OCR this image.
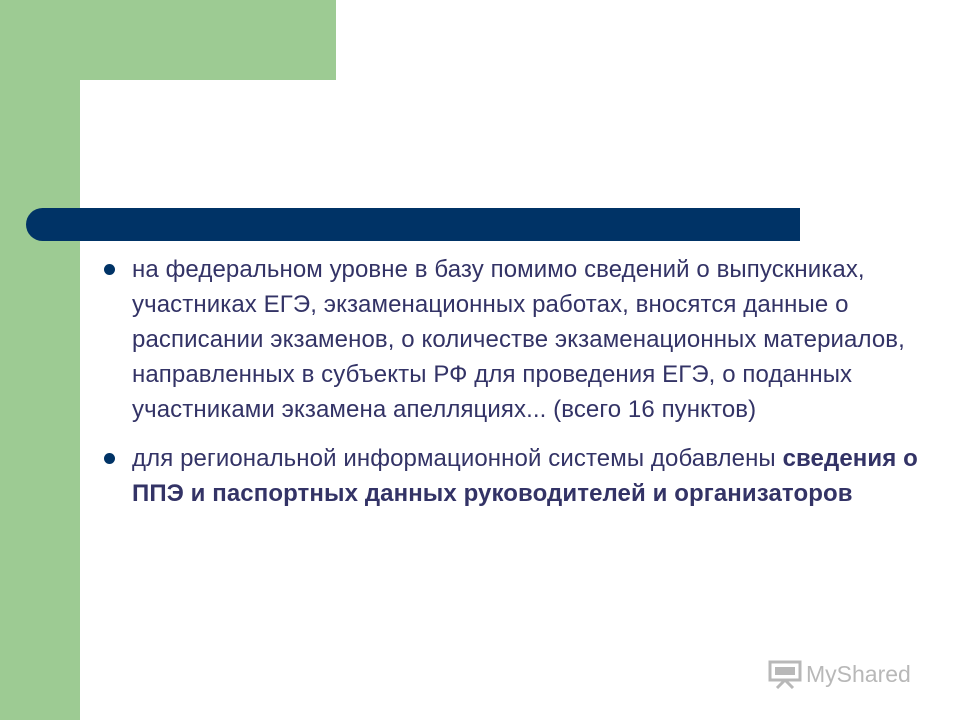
на федеральном уровне в базу помимо сведений о выпускниках, участниках ЕГЭ, экзаменационных работах, вносятся данные о расписании экзаменов, о количестве экзаменационных материалов, направленных в субъекты РФ для проведения ЕГЭ, о поданных участниками экзамена апелляциях... (всего 16 пунктов)
для региональной информационной системы добавлены сведения о ППЭ и паспортных данных руководителей и организаторов
MyShared
